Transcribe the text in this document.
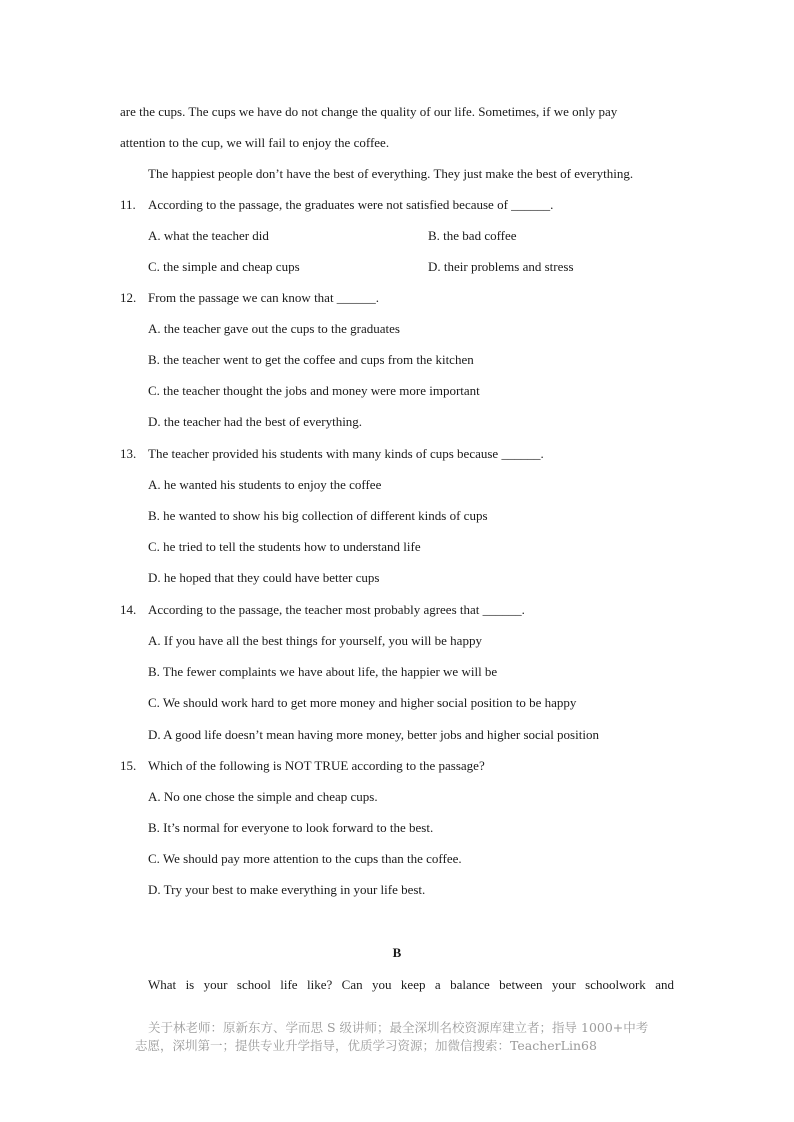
are the cups. The cups we have do not change the quality of our life. Sometimes, if we only pay
attention to the cup, we will fail to enjoy the coffee.
The happiest people don’t have the best of everything. They just make the best of everything.
11. According to the passage, the graduates were not satisfied because of ______.
A. what the teacher did	B. the bad coffee
C. the simple and cheap cups	D. their problems and stress
12. From the passage we can know that ______.
A. the teacher gave out the cups to the graduates
B. the teacher went to get the coffee and cups from the kitchen
C. the teacher thought the jobs and money were more important
D. the teacher had the best of everything.
13. The teacher provided his students with many kinds of cups because ______.
A. he wanted his students to enjoy the coffee
B. he wanted to show his big collection of different kinds of cups
C. he tried to tell the students how to understand life
D. he hoped that they could have better cups
14. According to the passage, the teacher most probably agrees that ______.
A. If you have all the best things for yourself, you will be happy
B. The fewer complaints we have about life, the happier we will be
C. We should work hard to get more money and higher social position to be happy
D. A good life doesn’t mean having more money, better jobs and higher social position
15. Which of the following is NOT TRUE according to the passage?
A. No one chose the simple and cheap cups.
B. It’s normal for everyone to look forward to the best.
C. We should pay more attention to the cups than the coffee.
D. Try your best to make everything in your life best.
B
What is your school life like? Can you keep a balance between your schoolwork and
关于林老师：原新东方、学而思 S 级讲师；最全深圳名校资源库建立者；指导 1000+中考
志愿，深圳第一；提供专业升学指导，优质学习资源；加微信搜索：TeacherLin68
